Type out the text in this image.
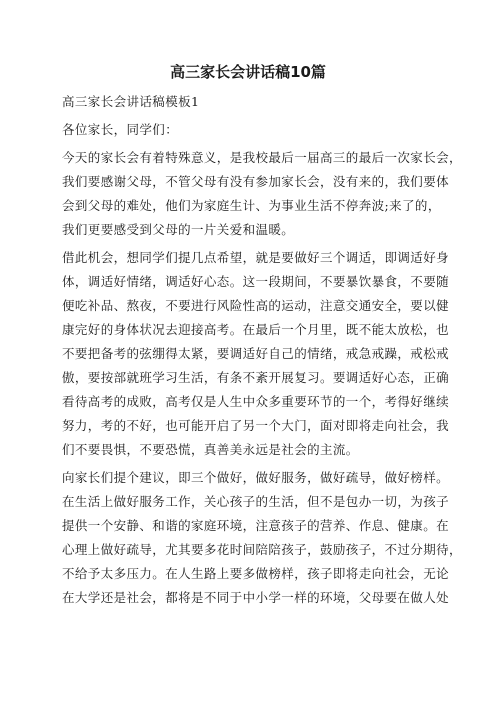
高三家长会讲话稿10篇
高三家长会讲话稿模板1
各位家长，同学们：
今天的家长会有着特殊意义，是我校最后一届高三的最后一次家长会，
我们要感谢父母，不管父母有没有参加家长会，没有来的，我们要体
会到父母的难处，他们为家庭生计、为事业生活不停奔波;来了的，
我们更要感受到父母的一片关爱和温暖。
借此机会，想同学们提几点希望，就是要做好三个调适，即调适好身
体，调适好情绪，调适好心态。这一段期间，不要暴饮暴食，不要随
便吃补品、熬夜，不要进行风险性高的运动，注意交通安全，要以健
康完好的身体状况去迎接高考。在最后一个月里，既不能太放松，也
不要把备考的弦绷得太紧，要调适好自己的情绪，戒急戒躁，戒松戒
傲，要按部就班学习生活，有条不紊开展复习。要调适好心态，正确
看待高考的成败，高考仅是人生中众多重要环节的一个，考得好继续
努力，考的不好，也可能开启了另一个大门，面对即将走向社会，我
们不要畏惧，不要恐慌，真善美永远是社会的主流。
向家长们提个建议，即三个做好，做好服务，做好疏导，做好榜样。
在生活上做好服务工作，关心孩子的生活，但不是包办一切，为孩子
提供一个安静、和谐的家庭环境，注意孩子的营养、作息、健康。在
心理上做好疏导，尤其要多花时间陪陪孩子，鼓励孩子，不过分期待，
不给予太多压力。在人生路上要多做榜样，孩子即将走向社会，无论
在大学还是社会，都将是不同于中小学一样的环境，父母要在做人处
